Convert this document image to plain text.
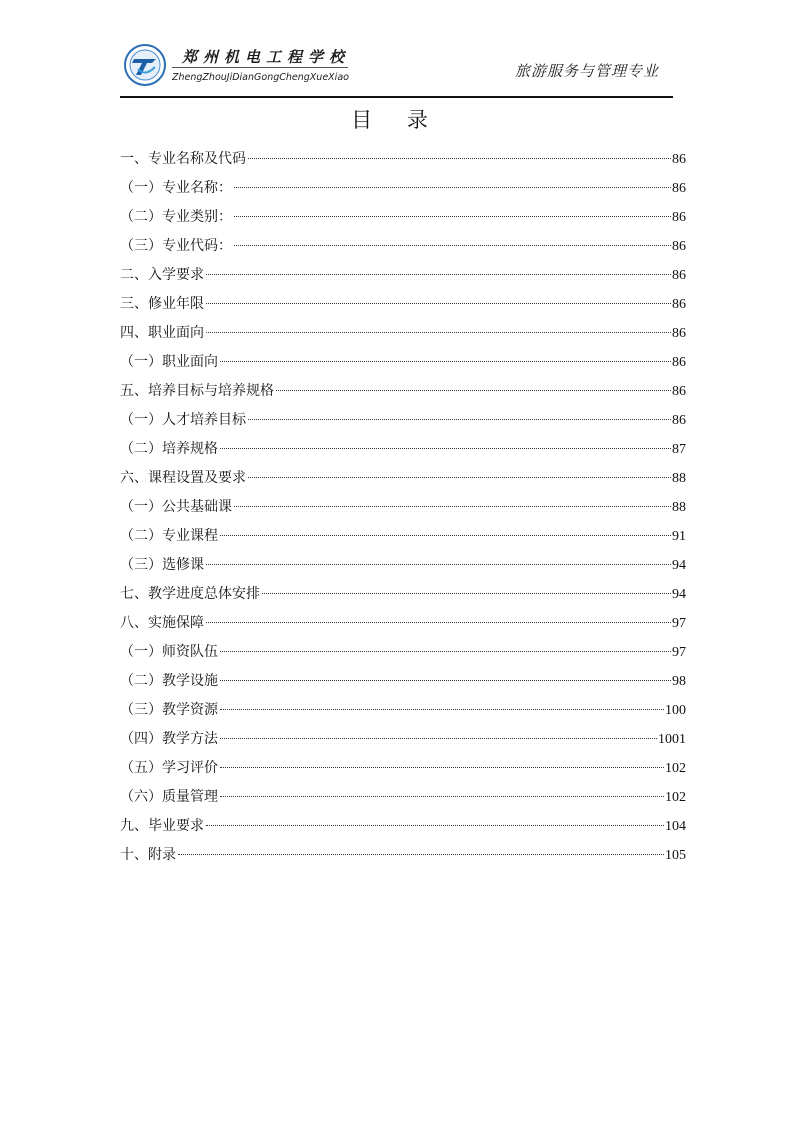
郑州机电工程学校
ZhengZhouJiDianGongChengXueXiao	旅游服务与管理专业
目 录
一、专业名称及代码	86
（一）专业名称：	86
（二）专业类别：	86
（三）专业代码：	86
二、入学要求	86
三、修业年限	86
四、职业面向	86
（一）职业面向	86
五、培养目标与培养规格	86
（一）人才培养目标	86
（二）培养规格	87
六、课程设置及要求	88
（一）公共基础课	88
（二）专业课程	91
（三）选修课	94
七、教学进度总体安排	94
八、实施保障	97
（一）师资队伍	97
（二）教学设施	98
（三）教学资源	100
（四）教学方法	1001
（五）学习评价	102
（六）质量管理	102
九、毕业要求	104
十、附录	105
